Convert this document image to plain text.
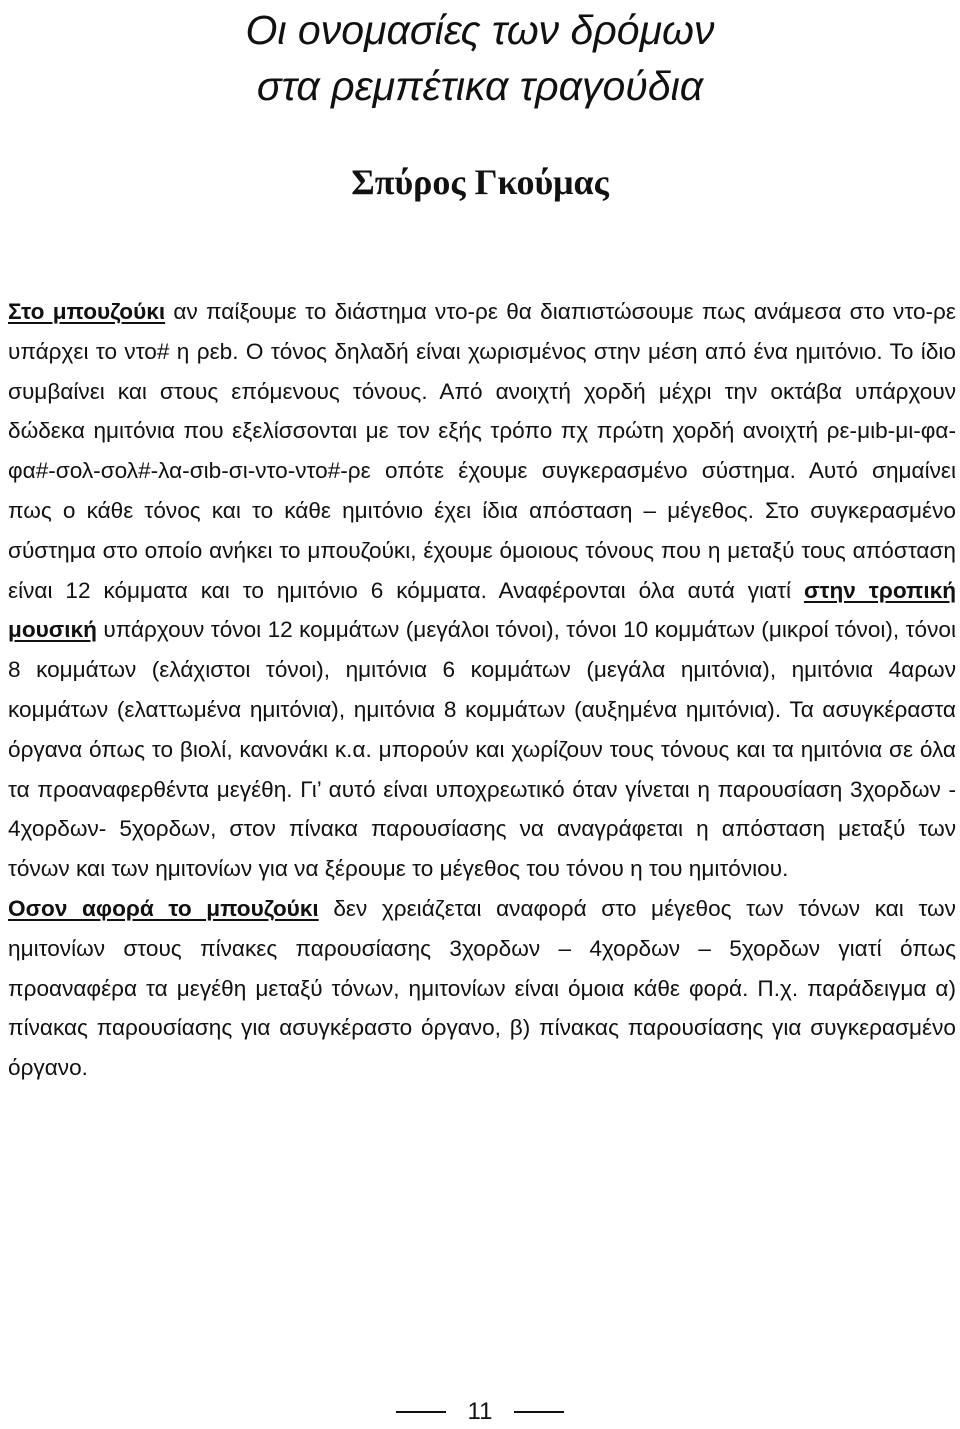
Οι ονομασίες των δρόμων
στα ρεμπέτικα τραγούδια
Σπύρος Γκούμας

Στο μπουζούκι αν παίξουμε το διάστημα ντο-ρε θα διαπιστώσουμε πως ανάμεσα στο ντο-ρε υπάρχει το ντο# η ρεb. Ο τόνος δηλαδή είναι χωρισμένος στην μέση από ένα ημιτόνιο. Το ίδιο συμβαίνει και στους επόμενους τόνους. Από ανοιχτή χορδή μέχρι την οκτάβα υπάρχουν δώδεκα ημιτόνια που εξελίσσονται με τον εξής τρόπο πχ πρώτη χορδή ανοιχτή ρε-μιb-μι-φα-φα#-σολ-σολ#-λα-σιb-σι-ντο-ντο#-ρε οπότε έχουμε συγκερασμένο σύστημα. Αυτό σημαίνει πως ο κάθε τόνος και το κάθε ημιτόνιο έχει ίδια απόσταση – μέγεθος. Στο συγκερασμένο σύστημα στο οποίο ανήκει το μπουζούκι, έχουμε όμοιους τόνους που η μεταξύ τους απόσταση είναι 12 κόμματα και το ημιτόνιο 6 κόμματα. Αναφέρονται όλα αυτά γιατί στην τροπική μουσική υπάρχουν τόνοι 12 κομμάτων (μεγάλοι τόνοι), τόνοι 10 κομμάτων (μικροί τόνοι), τόνοι 8 κομμάτων (ελάχιστοι τόνοι), ημιτόνια 6 κομμάτων (μεγάλα ημιτόνια), ημιτόνια 4αρων κομμάτων (ελαττωμένα ημιτόνια), ημιτόνια 8 κομμάτων (αυξημένα ημιτόνια). Τα ασυγκέραστα όργανα όπως το βιολί, κανονάκι κ.α. μπορούν και χωρίζουν τους τόνους και τα ημιτόνια σε όλα τα προαναφερθέντα μεγέθη. Γι’ αυτό είναι υποχρεωτικό όταν γίνεται η παρουσίαση 3χορδων - 4χορδων- 5χορδων, στον πίνακα παρουσίασης να αναγράφεται η απόσταση μεταξύ των τόνων και των ημιτονίων για να ξέρουμε το μέγεθος του τόνου η του ημιτόνιου.

Οσον αφορά το μπουζούκι δεν χρειάζεται αναφορά στο μέγεθος των τόνων και των ημιτονίων στους πίνακες παρουσίασης 3χορδων – 4χορδων – 5χορδων γιατί όπως προαναφέρα τα μεγέθη μεταξύ τόνων, ημιτονίων είναι όμοια κάθε φορά. Π.χ. παράδειγμα α) πίνακας παρουσίασης για ασυγκέραστο όργανο, β) πίνακας παρουσίασης για συγκερασμένο όργανο.

11
